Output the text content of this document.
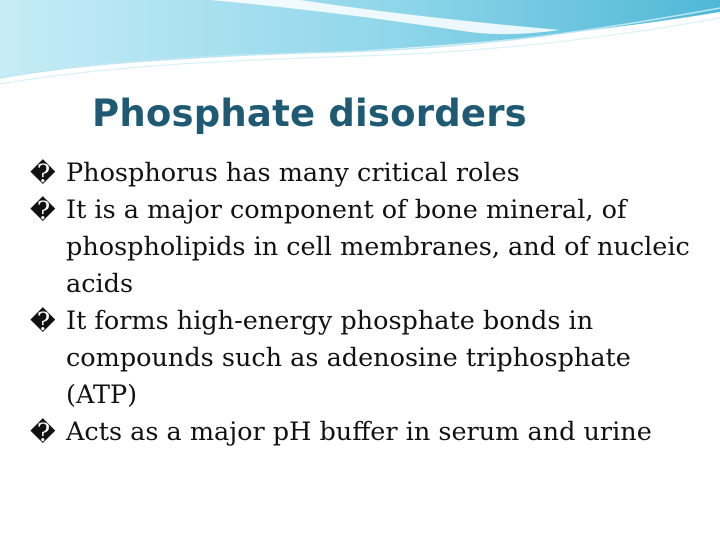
Phosphate disorders
� Phosphorus has many critical roles
� It is a major component of bone mineral, of phospholipids in cell membranes, and of nucleic acids
� It forms high-energy phosphate bonds in compounds such as adenosine triphosphate (ATP)
� Acts as a major pH buffer in serum and urine
